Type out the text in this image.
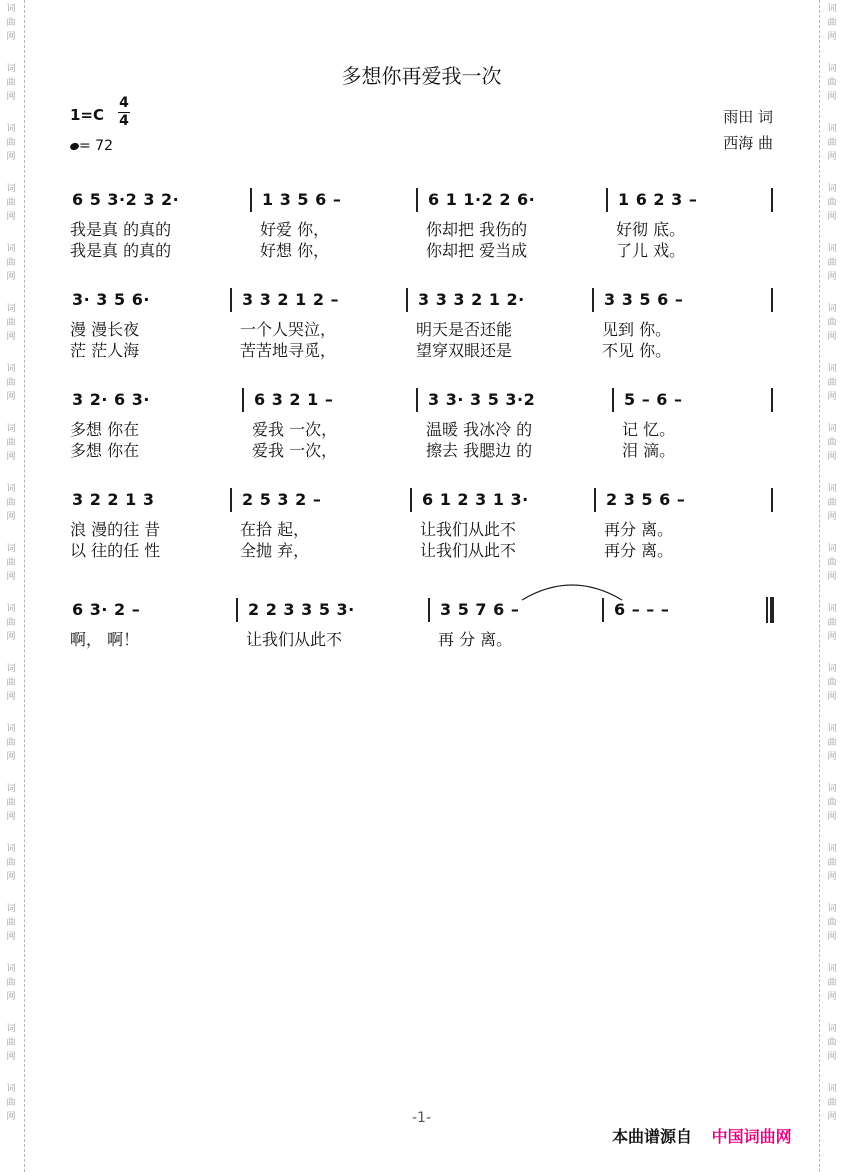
词
曲
网
词
曲
网
词
曲
网
词
曲
网
词
曲
网
词
曲
网
词
曲
网
词
曲
网
词
曲
网
词
曲
网
词
曲
网
词
曲
网
词
曲
网
词
曲
网
词
曲
网
词
曲
网
词
曲
网
词
曲
网
词
曲
网
词
曲
网
词
曲
网
词
曲
网
词
曲
网
词
曲
网
词
曲
网
词
曲
网
词
曲
网
词
曲
网
词
曲
网
词
曲
网
词
曲
网
词
曲
网
词
曲
网
词
曲
网
词
曲
网
词
曲
网
词
曲
网
词
曲
网
多想你再爱我一次
1=C
4
4
= 72
雨田 词
西海 曲
6 5 3·2 3 2·	1 3 5 6 –	6 1 1·2 2 6·	1 6 2 3 –
我是真 的真的	好爱 你，	你却把 我伤的	好彻 底。
我是真 的真的	好想 你，	你却把 爱当成	了儿 戏。
3· 3 5 6·	3 3 2 1 2 –	3 3 3 2 1 2·	3 3 5 6 –
漫 漫长夜	一个人哭泣，	明天是否还能	见到 你。
茫 茫人海	苦苦地寻觅，	望穿双眼还是	不见 你。
3 2· 6 3·	6 3 2 1 –	3 3· 3 5 3·2	5 – 6 –
多想 你在	爱我 一次，	温暖 我冰冷 的	记 忆。
多想 你在	爱我 一次，	擦去 我腮边 的	泪 滴。
3 2 2 1 3	2 5 3 2 –	6 1 2 3 1 3·	2 3 5 6 –
浪 漫的往 昔	在拾 起，	让我们从此不	再分 离。
以 往的任 性	全抛 弃，	让我们从此不	再分 离。
6 3· 2 –	2 2 3 3 5 3·	3 5 7 6 –	6 – – –
啊， 啊！	让我们从此不	再 分 离。
-1-
本曲谱源自 中国词曲网
